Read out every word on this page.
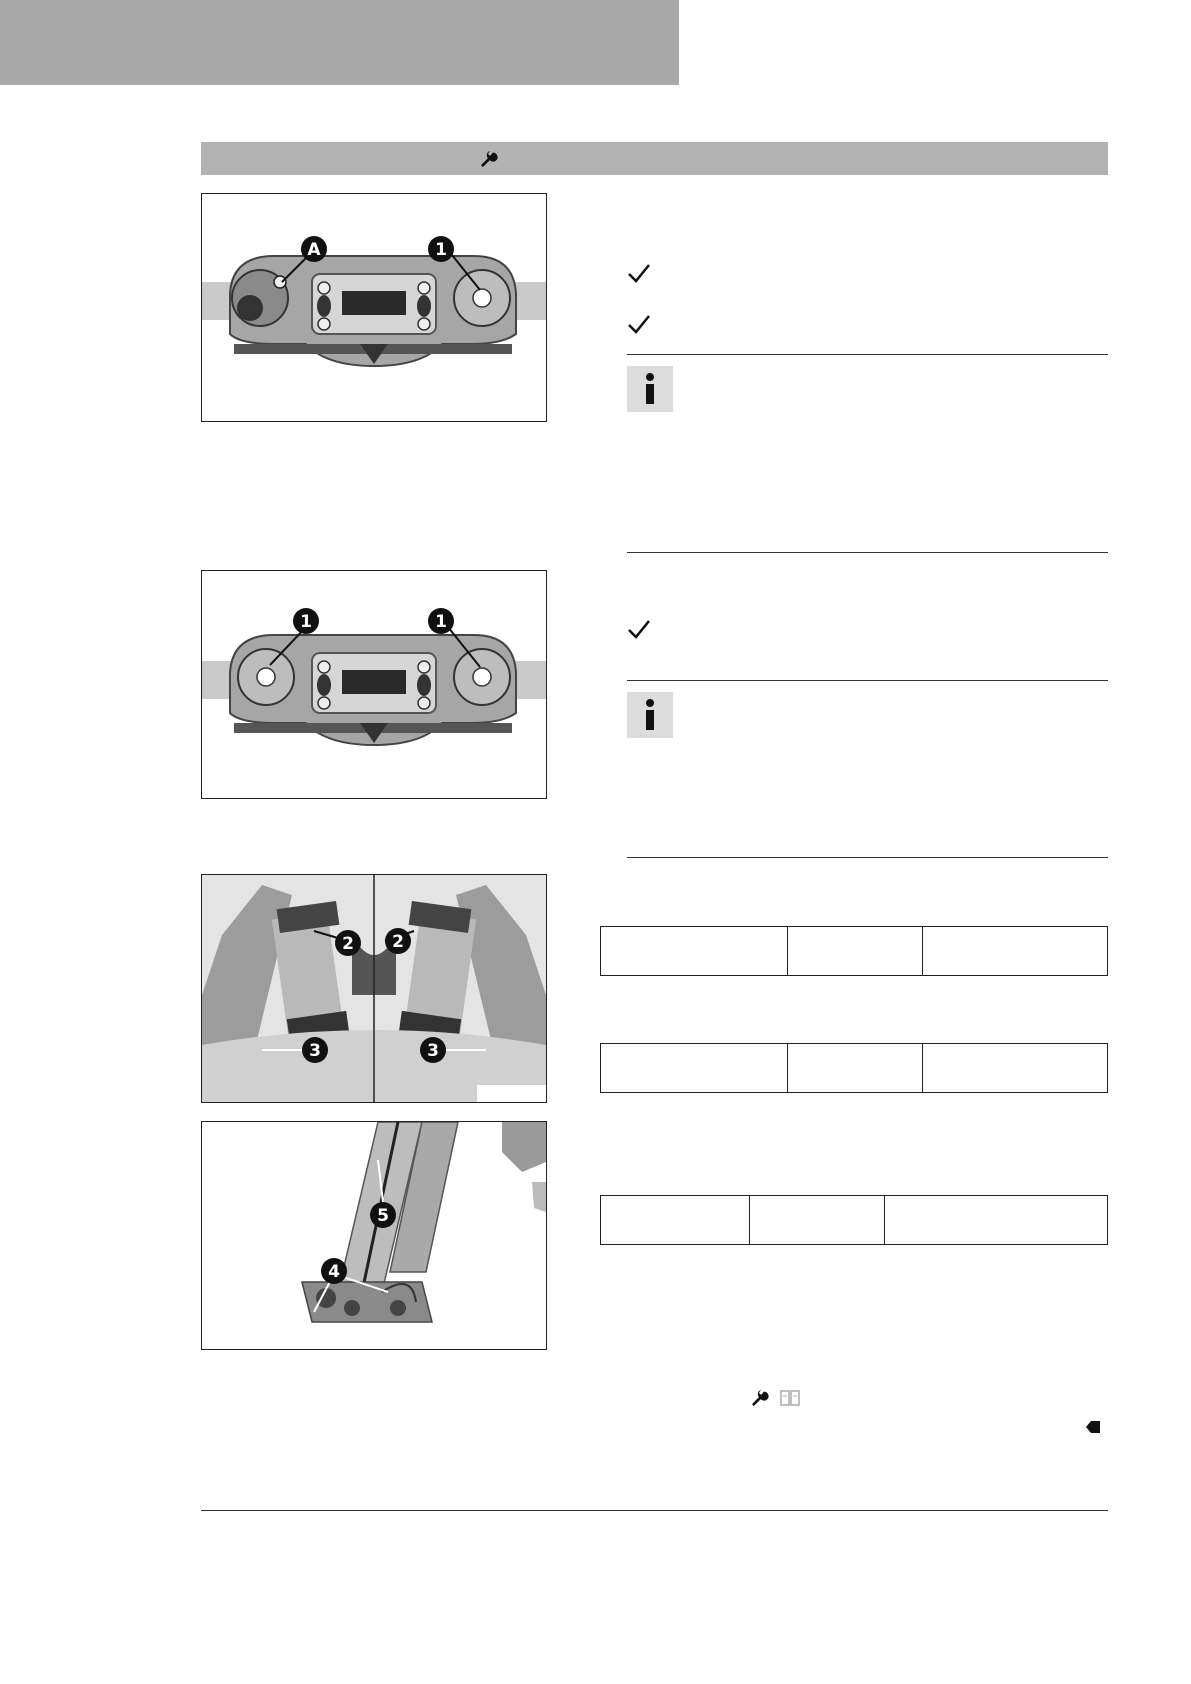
A	1
1	1
2 2
3	3

5
4
